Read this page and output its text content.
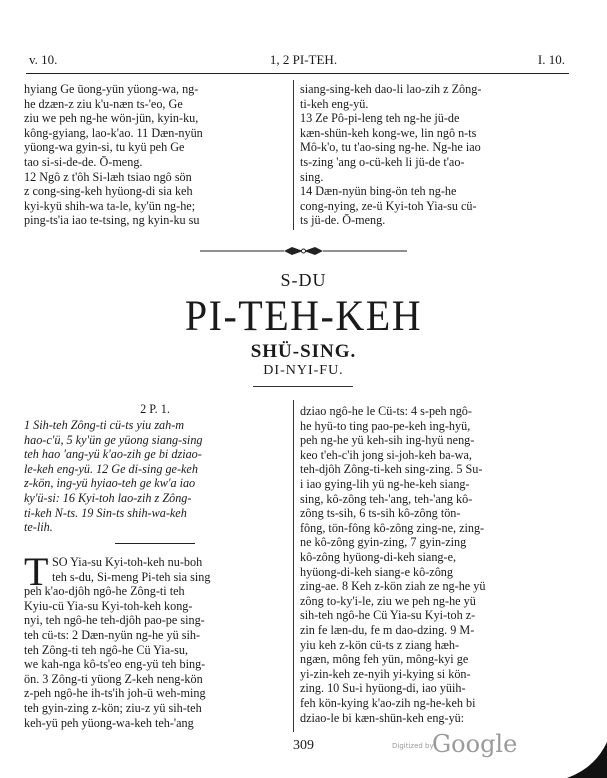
v. 10.	1, 2 PI-TEH.	I. 10.
hyiang Ge ūong-yün yüong-wa, ng-
he dzæn-z ziu k'u-næn ts-'eo, Ge
ziu we peh ng-he wön-jün, kyin-ku,
kông-gyiang, lao-k'ao. 11 Dæn-nyün
yüong-wa gyin-si, tu kyü peh Ge
tao si-si-de-de. Ō-meng.
12 Ngô z t'ôh Si-læh tsiao ngô sön
z cong-sing-keh hyüong-di sia keh
kyi-kyü shih-wa ta-le, ky'ün ng-he;
ping-ts'ia iao te-tsing, ng kyin-ku su
siang-sing-keh dao-li lao-zih z Zông-
ti-keh eng-yü.
13 Ze Pô-pi-leng teh ng-he jü-de
kæn-shün-keh kong-we, lin ngô n-ts
Mô-k'o, tu t'ao-sing ng-he. Ng-he iao
ts-zing 'ang o-cü-keh li jü-de t'ao-
sing.
14 Dæn-nyün bing-ön teh ng-he
cong-nying, ze-ü Kyi-toh Yia-su cü-
ts jü-de. Ō-meng.
S-DU
PI-TEH-KEH
SHÜ-SING.
DI-NYI-FU.
2 P. 1.
1 Sih-teh Zông-ti cü-ts yiu zah-m
hao-c'ü, 5 ky'ün ge yüong siang-sing
teh hao 'ang-yü k'ao-zih ge bi dziao-
le-keh eng-yü. 12 Ge di-sing ge-keh
z-kön, ing-yü hyiao-teh ge kw'a iao
ky'ü-si: 16 Kyi-toh lao-zih z Zông-
ti-keh N-ts. 19 Sin-ts shih-wa-keh
te-lih.
T SO Yia-su Kyi-toh-keh nu-boh
teh s-du, Si-meng Pi-teh sia sing
peh k'ao-djôh ngô-he Zông-ti teh
Kyiu-cü Yia-su Kyi-toh-keh kong-
nyi, teh ngô-he teh-djôh pao-pe sing-
teh cü-ts: 2 Dæn-nyün ng-he yü sih-
teh Zông-ti teh ngô-he Cü Yia-su,
we kah-nga kô-ts'eo eng-yü teh bing-
ön. 3 Zông-ti yüong Z-keh neng-kön
z-peh ngô-he ih-ts'ih joh-ü weh-ming
teh gyin-zing z-kön; ziu-z yü sih-teh
keh-yü peh yüong-wa-keh teh-'ang
dziao ngô-he le Cü-ts: 4 s-peh ngô-
he hyü-to ting pao-pe-keh ing-hyü,
peh ng-he yü keh-sih ing-hyü neng-
keo t'eh-c'ih jong si-joh-keh ba-wa,
teh-djôh Zông-ti-keh sing-zing. 5 Su-
i iao gying-lih yü ng-he-keh siang-
sing, kô-zông teh-'ang, teh-'ang kô-
zông ts-sih, 6 ts-sih kô-zông tön-
fông, tön-fông kô-zông zing-ne, zing-
ne kô-zông gyin-zing, 7 gyin-zing
kô-zông hyüong-di-keh siang-e,
hyüong-di-keh siang-e kô-zông
zing-ae. 8 Keh z-kön ziah ze ng-he yü
zông to-ky'i-le, ziu we peh ng-he yü
sih-teh ngô-he Cü Yia-su Kyi-toh z-
zin fe læn-du, fe m dao-dzing. 9 M-
yiu keh z-kön cü-ts z ziang hæh-
ngæn, mông feh yün, mông-kyi ge
yi-zin-keh ze-nyih yi-kying si kön-
zing. 10 Su-i hyüong-di, iao yüih-
feh kön-kying k'ao-zih ng-he-keh bi
dziao-le bi kæn-shün-keh eng-yü:
309	Digitized by
Google
